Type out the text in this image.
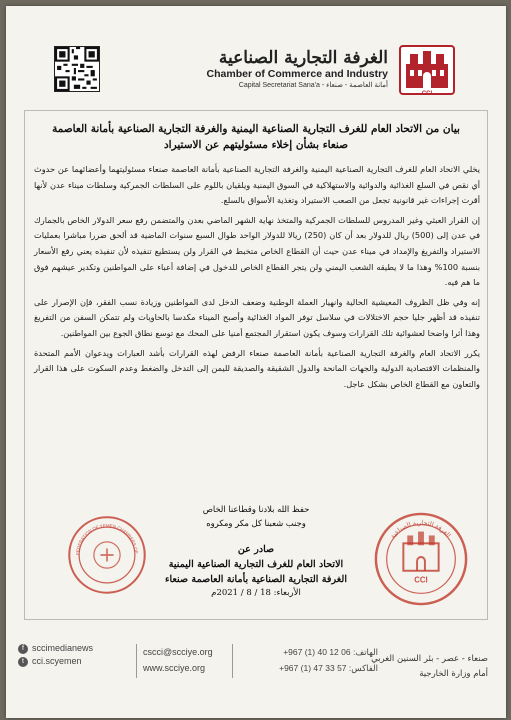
الغرفة التجارية الصناعية
Chamber of Commerce and Industry
Capital Secretariat Sana'a - أمانة العاصمة - صنعاء
CCI
بيان من الاتحاد العام للغرف التجارية الصناعية اليمنية والغرفة التجارية الصناعية بأمانة العاصمة
صنعاء بشأن إخلاء مسئوليتهم عن الاستيراد

يخلي الاتحاد العام للغرف التجارية الصناعية اليمنية والغرفة التجارية الصناعية بأمانة العاصمة صنعاء مسئوليتهما وأعضائهما عن حدوث أي نقص في السلع الغذائية والدوائية والاستهلاكية في السوق اليمنية ويلقيان باللوم على السلطات الجمركية وسلطات ميناء عدن لأنها أقرت إجراءات غير قانونية تجعل من الصعب الاستيراد وتغذية الأسواق بالسلع.

إن القرار العبثي وغير المدروس للسلطات الجمركية والمتخذ نهاية الشهر الماضي بعدن والمتضمن رفع سعر الدولار الخاص بالجمارك في عدن إلى (500) ريال للدولار بعد أن كان (250) ريالا للدولار الواحد طوال السبع سنوات الماضية قد ألحق ضررا مباشرا بعمليات الاستيراد والتفريغ والإمداد في ميناء عدن حيث أن القطاع الخاص متخبط في القرار ولن يستطيع تنفيذه لأن تنفيذه يعني رفع الأسعار بنسبة 100% وهذا ما لا يطيقه الشعب اليمني ولن يتجر القطاع الخاص للدخول في إضافة أعباء على المواطنين وتكدير عيشهم فوق ما هم فيه.

إنه وفي ظل الظروف المعيشية الحالية وانهيار العملة الوطنية وضعف الدخل لدى المواطنين وزيادة نسب الفقر، فإن الإصرار على تنفيذه قد أظهر جليا حجم الاختلالات في سلاسل توفر المواد الغذائية وأصبح الميناء مكدسا بالحاويات ولم تتمكن السفن من التفريغ وهذا أثرا واضحا لعشوائية تلك القرارات وسوف يكون استقرار المجتمع أمنيا على المحك مع توسع نطاق الجوع بين المواطنين.

يكرر الاتحاد العام والغرفة التجارية الصناعية بأمانة العاصمة صنعاء الرفض لهذه القرارات بأشد العبارات ويدعوان الأمم المتحدة والمنظمات الاقتصادية الدولية والجهات المانحة والدول الشقيقة والصديقة لليمن إلى التدخل والضغط وعدم السكوت على هذا القرار والتعاون مع القطاع الخاص بشكل عاجل.

FEDERATION OF YEMEN CHAMBERS OF
حفظ الله بلادنا وقطاعنا الخاص
وجنب شعبنا كل مكر ومكروه
صادر عن
الاتحاد العام للغرف التجارية الصناعية اليمنية
الغرفة التجارية الصناعية بأمانة العاصمة صنعاء
الأربعاء: 18 / 8 / 2021م
CCI
الغرفة التجارية الصناعية
f sccimedianews
t cci.scyemen
cscci@scciye.org
www.scciye.org
الهاتف: 06 12 40 (1) 967+
الفاكس: 57 33 47 (1) 967+
صنعاء - عصر - بئر السنين الغربي
أمام وزارة الخارجية
